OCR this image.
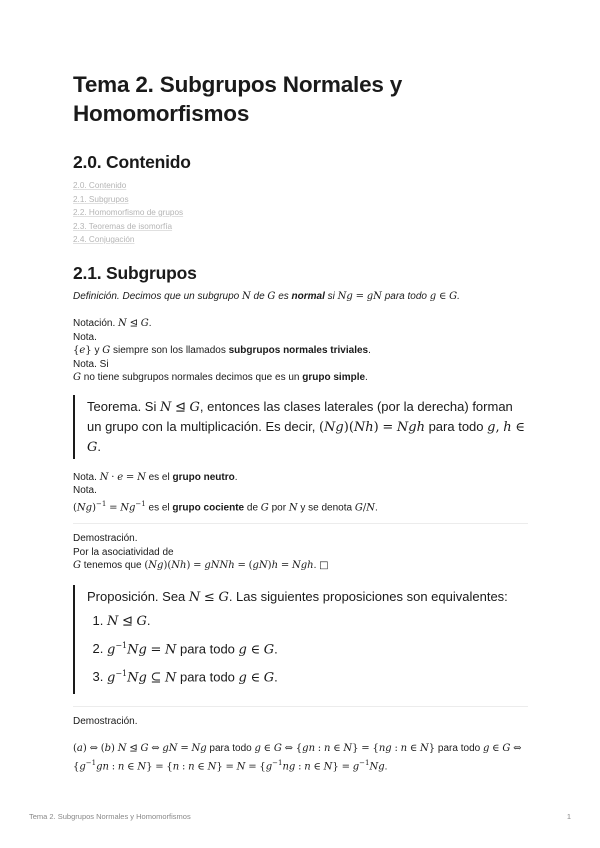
Tema 2. Subgrupos Normales y Homomorfismos
2.0. Contenido
2.0. Contenido
2.1. Subgrupos
2.2. Homomorfismo de grupos
2.3. Teoremas de isomorfía
2.4. Conjugación
2.1. Subgrupos
Definición. Decimos que un subgrupo N de G es normal si Ng = gN para todo g ∈ G.
Notación. N ⊴ G.
Nota.
{e} y G siempre son los llamados subgrupos normales triviales.
Nota. Si
G no tiene subgrupos normales decimos que es un grupo simple.
Teorema. Si N ⊴ G, entonces las clases laterales (por la derecha) forman un grupo con la multiplicación. Es decir, (Ng)(Nh) = Ngh para todo g, h ∈ G.
Nota. N · e = N es el grupo neutro.
Nota.
$(Ng)^{-1} = Ng^{-1}$ es el grupo cociente de G por N y se denota G/N.
Demostración.
Por la asociatividad de
G tenemos que (Ng)(Nh) = gNNh = (gN)h = Ngh. □
Proposición. Sea N ≤ G. Las siguientes proposiciones son equivalentes:
1. N ⊴ G.
2. $g^{-1}Ng = N$ para todo g ∈ G.
3. $g^{-1}Ng$ ⊆ N para todo g ∈ G.
Demostración.
(a) ⇔ (b) N ⊴ G ⇔ gN = Ng para todo g ∈ G ⇔ {gn : n ∈ N} = {ng : n ∈ N} para todo g ∈ G ⇔ {$g^{-1}gn$ : n ∈ N} = {n : n ∈ $N\} = N = \{g^{-1}ng$ : n ∈ $N\} = g^{-1}Ng$.
Tema 2. Subgrupos Normales y Homomorfismos	1
